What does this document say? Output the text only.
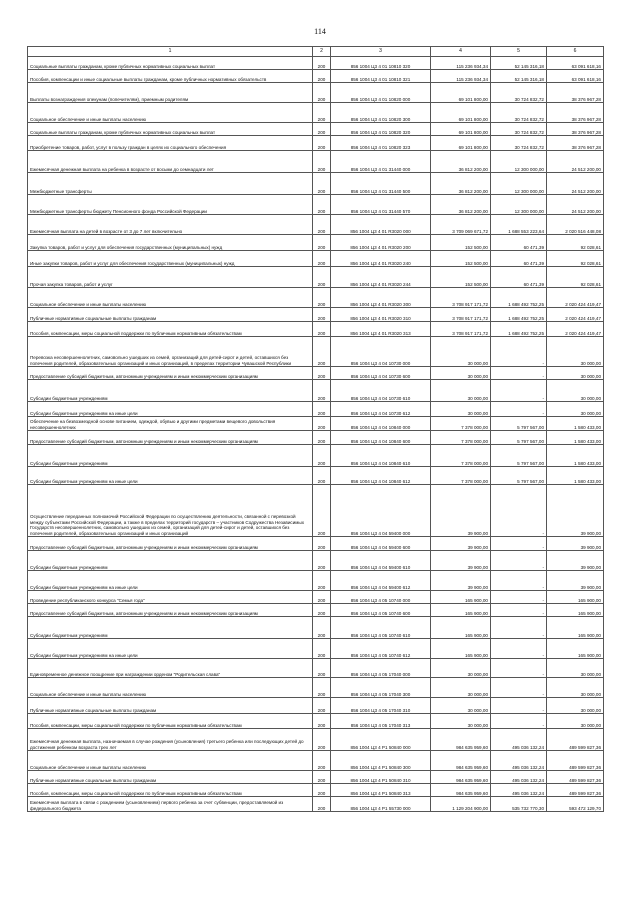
114
1	2	3	4	5	6
Социальные выплаты гражданам, кроме публичных нормативных социальных выплат	200	856 1004 Ц3 4 01 10810 320	115 236 934,34	52 145 316,18	63 091 618,16
Пособия, компенсации и иные социальные выплаты гражданам, кроме публичных нормативных обязательств	200	856 1004 Ц3 4 01 10810 321	115 236 934,34	52 145 316,18	63 091 618,16
Выплаты вознаграждения опекунам (попечителям), приемным родителям	200	856 1004 Ц3 4 01 10820 000	69 101 800,00	30 724 832,72	38 376 967,28
Социальное обеспечение и иные выплаты населению	200	856 1004 Ц3 4 01 10820 300	69 101 800,00	30 724 832,72	38 376 967,28
Социальные выплаты гражданам, кроме публичных нормативных социальных выплат	200	856 1004 Ц3 4 01 10820 320	69 101 800,00	30 724 832,72	38 376 967,28
Приобретение товаров, работ, услуг в пользу граждан в целях их социального обеспечения	200	856 1004 Ц3 4 01 10820 323	69 101 800,00	30 724 832,72	38 376 967,28
Ежемесячная денежная выплата на ребенка в возрасте от восьми до семнадцати лет	200	856 1004 Ц3 4 01 31440 000	36 812 200,00	12 300 000,00	24 512 200,00
Межбюджетные трансферты	200	856 1004 Ц3 4 01 31440 500	36 812 200,00	12 300 000,00	24 512 200,00
Межбюджетные трансферты бюджету Пенсионного фонда Российской Федерации	200	856 1004 Ц3 4 01 31440 570	36 812 200,00	12 300 000,00	24 512 200,00
Ежемесячная выплата на детей в возрасте от 3 до 7 лет включительно	200	856 1004 Ц3 4 01 R3020 000	3 709 069 671,72	1 688 553 223,64	2 020 516 448,08
Закупка товаров, работ и услуг для обеспечения государственных (муниципальных) нужд	200	856 1004 Ц3 4 01 R3020 200	152 500,00	60 471,39	92 028,61
Иные закупки товаров, работ и услуг для обеспечения государственных (муниципальных) нужд	200	856 1004 Ц3 4 01 R3020 240	152 500,00	60 471,39	92 028,61
Прочая закупка товаров, работ и услуг	200	856 1004 Ц3 4 01 R3020 244	152 500,00	60 471,39	92 028,61
Социальное обеспечение и иные выплаты населению	200	856 1004 Ц3 4 01 R3020 300	3 708 917 171,72	1 688 492 752,25	2 020 424 419,47
Публичные нормативные социальные выплаты гражданам	200	856 1004 Ц3 4 01 R3020 310	3 708 917 171,72	1 688 492 752,25	2 020 424 419,47
Пособия, компенсации, меры социальной поддержки по публичным нормативным обязательствам	200	856 1004 Ц3 4 01 R3020 313	3 708 917 171,72	1 688 492 752,25	2 020 424 419,47
Перевозка несовершеннолетних, самовольно ушедших из семей, организаций для детей-сирот и детей, оставшихся без попечения родителей, образовательных организаций и иных организаций, в пределах территории Чувашской Республики	200	856 1004 Ц3 4 04 10730 000	30 000,00	-	30 000,00
Предоставление субсидий бюджетным, автономным учреждениям и иным некоммерческим организациям	200	856 1004 Ц3 4 04 10730 600	30 000,00	-	30 000,00
Субсидии бюджетным учреждениям	200	856 1004 Ц3 4 04 10730 610	30 000,00	-	30 000,00
Субсидии бюджетным учреждениям на иные цели	200	856 1004 Ц3 4 04 10730 612	30 000,00	-	30 000,00
Обеспечение на безвозмездной основе питанием, одеждой, обувью и другими предметами вещевого довольствия несовершеннолетних	200	856 1004 Ц3 4 04 10840 000	7 378 000,00	5 797 567,00	1 580 433,00
Предоставление субсидий бюджетным, автономным учреждениям и иным некоммерческим организациям	200	856 1004 Ц3 4 04 10840 600	7 378 000,00	5 797 567,00	1 580 433,00
Субсидии бюджетным учреждениям	200	856 1004 Ц3 4 04 10840 610	7 378 000,00	5 797 567,00	1 580 433,00
Субсидии бюджетным учреждениям на иные цели	200	856 1004 Ц3 4 04 10840 612	7 378 000,00	5 797 567,00	1 580 433,00
Осуществление переданных полномочий Российской Федерации по осуществлению деятельности, связанной с перевозкой между субъектами Российской Федерации, а также в пределах территорий государств – участников Содружества Независимых Государств несовершеннолетних, самовольно ушедших из семей, организаций для детей-сирот и детей, оставшихся без попечения родителей, образовательных организаций и иных организаций	200	856 1004 Ц3 4 04 59400 000	39 900,00	-	39 900,00
Предоставление субсидий бюджетным, автономным учреждениям и иным некоммерческим организациям	200	856 1004 Ц3 4 04 59400 600	39 900,00	-	39 900,00
Субсидии бюджетным учреждениям	200	856 1004 Ц3 4 04 59400 610	39 900,00	-	39 900,00
Субсидии бюджетным учреждениям на иные цели	200	856 1004 Ц3 4 04 59400 612	39 900,00	-	39 900,00
Проведение республиканского конкурса "Семья года"	200	856 1004 Ц3 4 05 10740 000	165 900,00	-	165 900,00
Предоставление субсидий бюджетным, автономным учреждениям и иным некоммерческим организациям	200	856 1004 Ц3 4 05 10740 600	165 900,00	-	165 900,00
Субсидии бюджетным учреждениям	200	856 1004 Ц3 4 05 10740 610	165 900,00	-	165 900,00
Субсидии бюджетным учреждениям на иные цели	200	856 1004 Ц3 4 05 10740 612	165 900,00	-	165 900,00
Единовременное денежное поощрение при награждении орденом "Родительская слава"	200	856 1004 Ц3 4 05 17040 000	30 000,00	-	30 000,00
Социальное обеспечение и иные выплаты населению	200	856 1004 Ц3 4 05 17040 300	30 000,00	-	30 000,00
Публичные нормативные социальные выплаты гражданам	200	856 1004 Ц3 4 05 17040 310	30 000,00	-	30 000,00
Пособия, компенсации, меры социальной поддержки по публичным нормативным обязательствам	200	856 1004 Ц3 4 05 17040 313	30 000,00	-	30 000,00
Ежемесячная денежная выплата, назначаемая в случае рождения (усыновления) третьего ребенка или последующих детей до достижения ребенком возраста трех лет	200	856 1004 Ц3 4 P1 50840 000	984 635 959,60	495 036 132,24	489 599 827,36
Социальное обеспечение и иные выплаты населению	200	856 1004 Ц3 4 P1 50840 300	984 635 959,60	495 036 132,24	489 599 827,36
Публичные нормативные социальные выплаты гражданам	200	856 1004 Ц3 4 P1 50840 310	984 635 959,60	495 036 132,24	489 599 827,36
Пособия, компенсации, меры социальной поддержки по публичным нормативным обязательствам	200	856 1004 Ц3 4 P1 50840 313	984 635 959,60	495 036 132,24	489 599 827,36
Ежемесячная выплата в связи с рождением (усыновлением) первого ребенка за счет субвенции, предоставляемой из федерального бюджета	200	856 1004 Ц3 4 P1 55730 000	1 129 204 900,00	535 732 770,30	593 472 129,70
